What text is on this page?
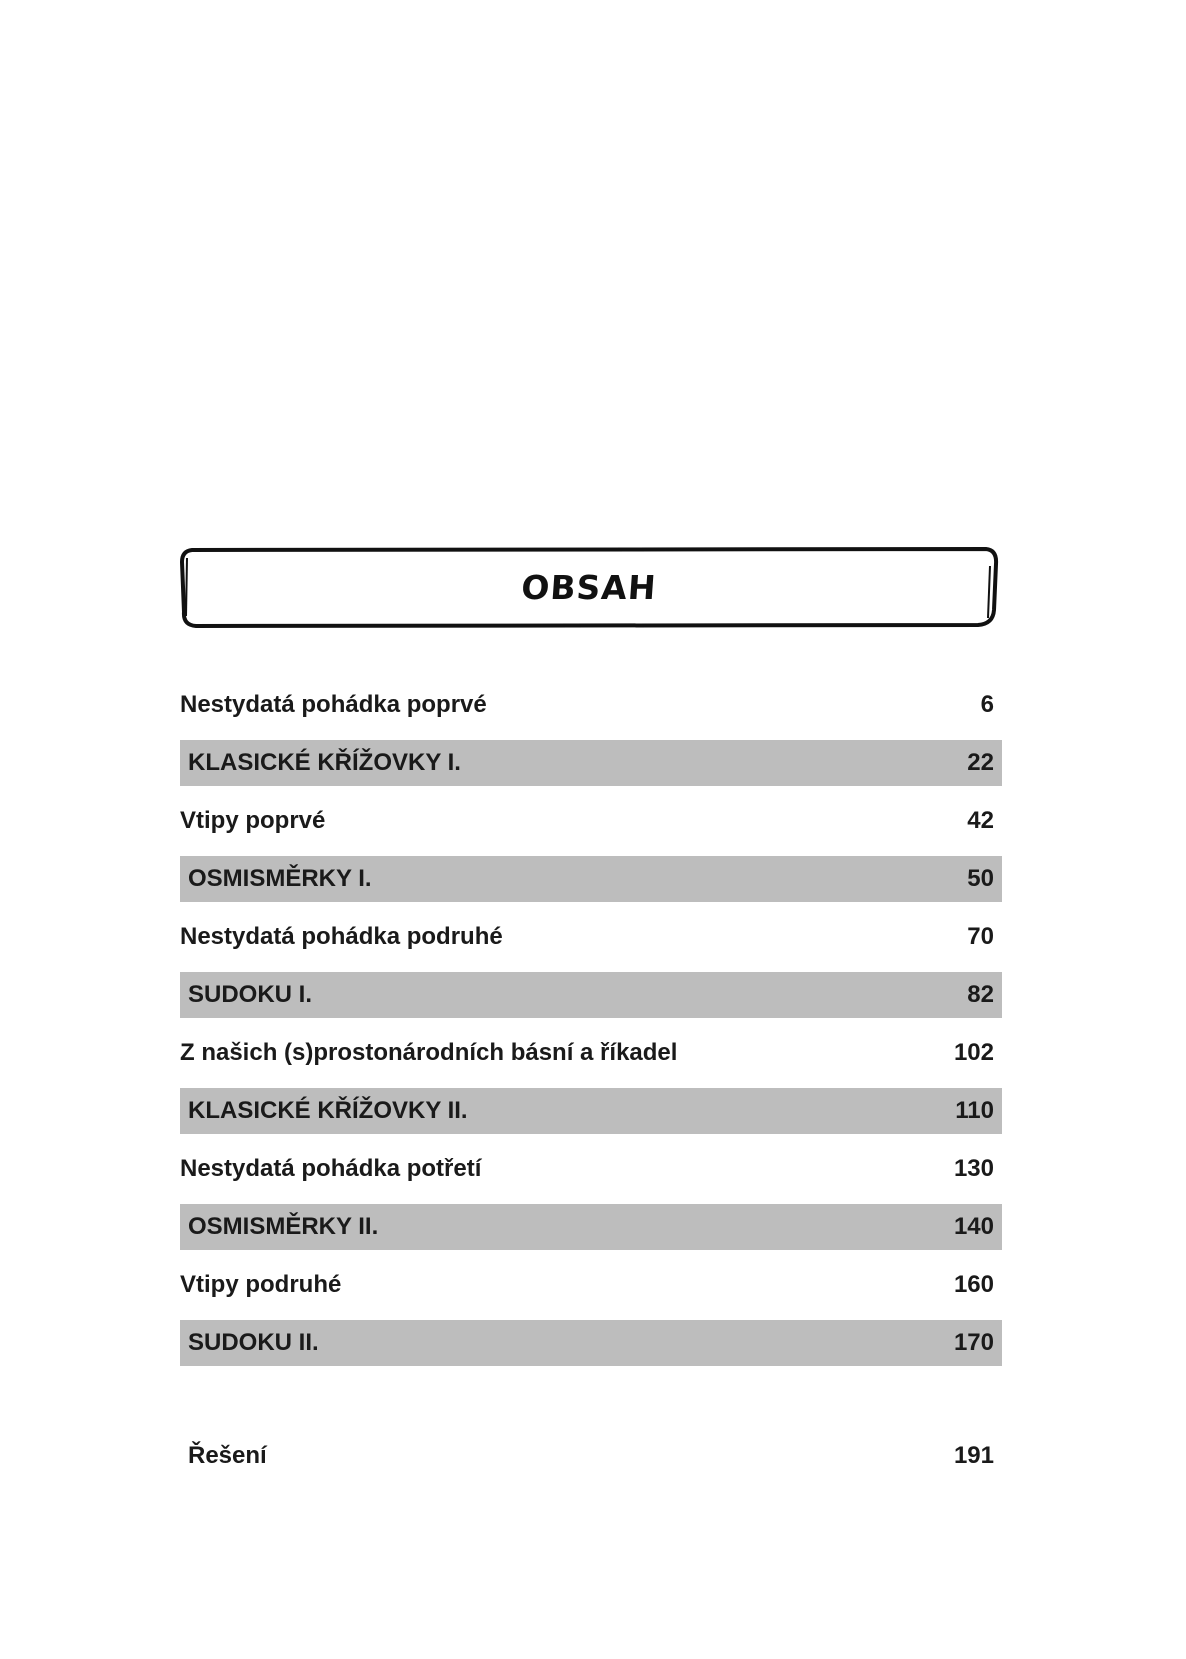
OBSAH
Nestydatá pohádka poprvé	6
KLASICKÉ KŘÍŽOVKY I.	22
Vtipy poprvé	42
OSMISMĚRKY I.	50
Nestydatá pohádka podruhé	70
SUDOKU I.	82
Z našich (s)prostonárodních básní a říkadel	102
KLASICKÉ KŘÍŽOVKY II.	110
Nestydatá pohádka potřetí	130
OSMISMĚRKY II.	140
Vtipy podruhé	160
SUDOKU II.	170
Řešení	191
